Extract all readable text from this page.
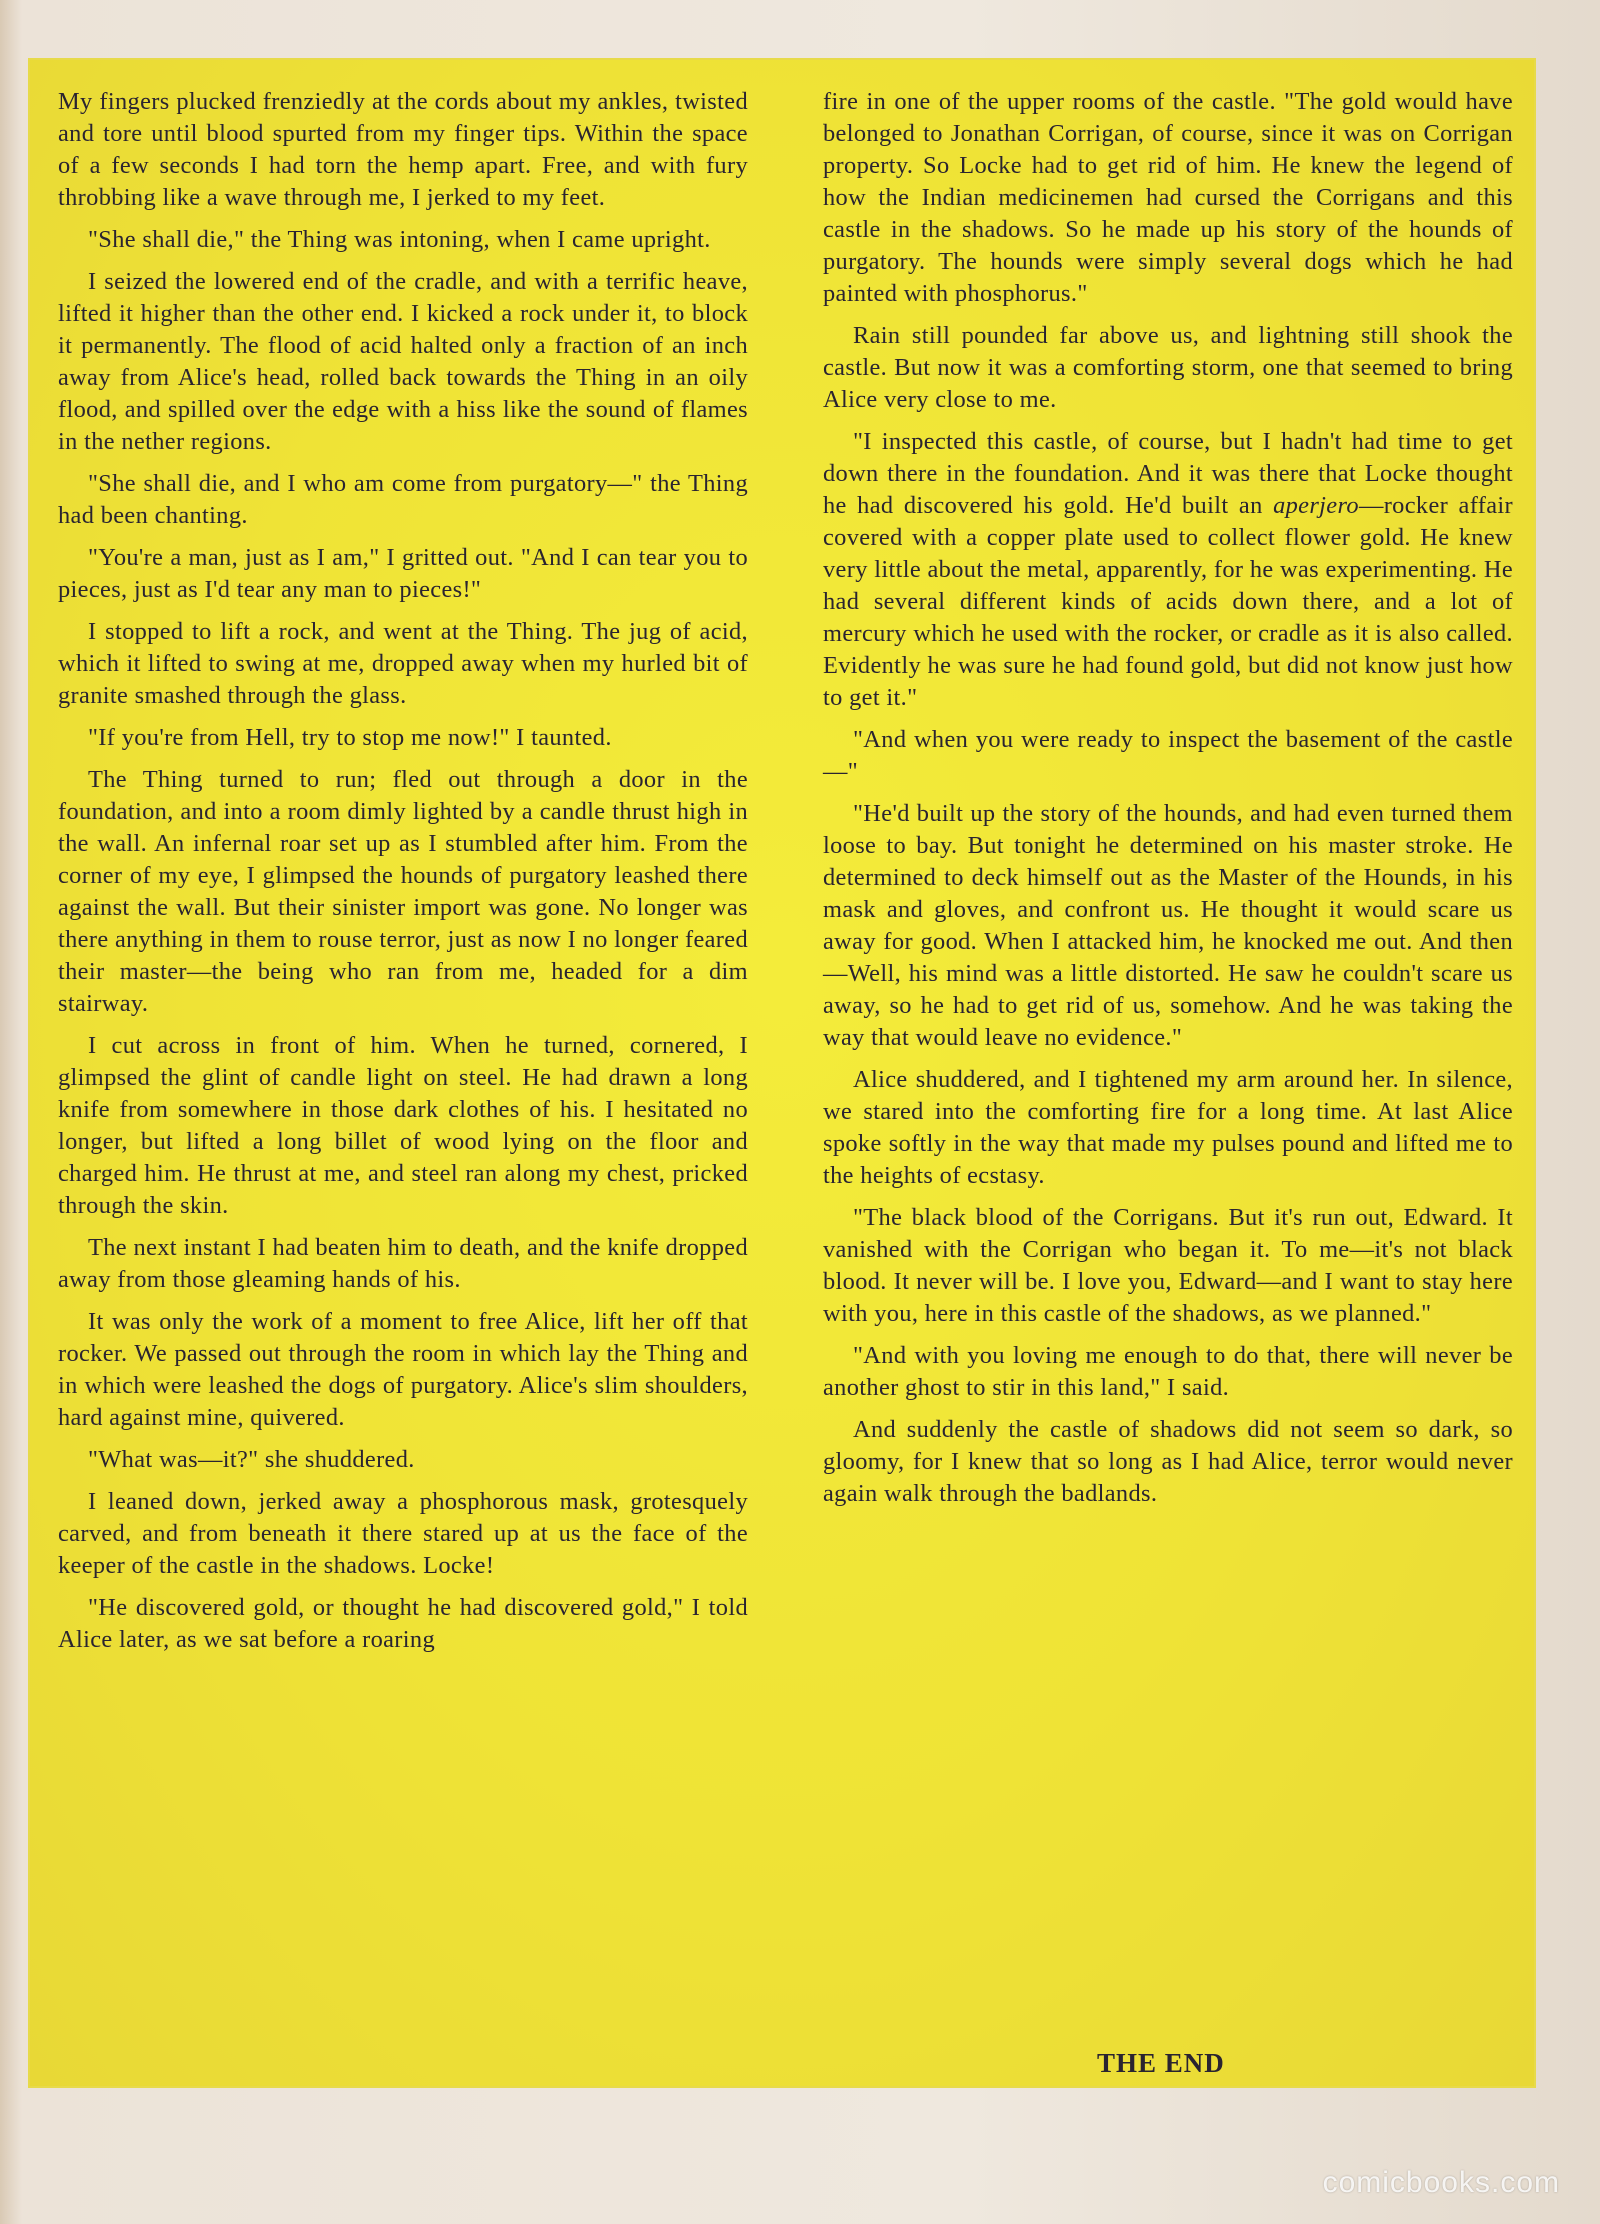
My fingers plucked frenziedly at the cords about my ankles, twisted and tore until blood spurted from my finger tips. Within the space of a few seconds I had torn the hemp apart. Free, and with fury throbbing like a wave through me, I jerked to my feet.

"She shall die," the Thing was intoning, when I came upright.

I seized the lowered end of the cradle, and with a terrific heave, lifted it higher than the other end. I kicked a rock under it, to block it permanently. The flood of acid halted only a fraction of an inch away from Alice's head, rolled back towards the Thing in an oily flood, and spilled over the edge with a hiss like the sound of flames in the nether regions.

"She shall die, and I who am come from purgatory—" the Thing had been chanting.

"You're a man, just as I am," I gritted out. "And I can tear you to pieces, just as I'd tear any man to pieces!"

I stopped to lift a rock, and went at the Thing. The jug of acid, which it lifted to swing at me, dropped away when my hurled bit of granite smashed through the glass.

"If you're from Hell, try to stop me now!" I taunted.

The Thing turned to run; fled out through a door in the foundation, and into a room dimly lighted by a candle thrust high in the wall. An infernal roar set up as I stumbled after him. From the corner of my eye, I glimpsed the hounds of purgatory leashed there against the wall. But their sinister import was gone. No longer was there anything in them to rouse terror, just as now I no longer feared their master—the being who ran from me, headed for a dim stairway.

I cut across in front of him. When he turned, cornered, I glimpsed the glint of candle light on steel. He had drawn a long knife from somewhere in those dark clothes of his. I hesitated no longer, but lifted a long billet of wood lying on the floor and charged him. He thrust at me, and steel ran along my chest, pricked through the skin.

The next instant I had beaten him to death, and the knife dropped away from those gleaming hands of his.

It was only the work of a moment to free Alice, lift her off that rocker. We passed out through the room in which lay the Thing and in which were leashed the dogs of purgatory. Alice's slim shoulders, hard against mine, quivered.

"What was—it?" she shuddered.

I leaned down, jerked away a phosphorous mask, grotesquely carved, and from beneath it there stared up at us the face of the keeper of the castle in the shadows. Locke!

"He discovered gold, or thought he had discovered gold," I told Alice later, as we sat before a roaring

fire in one of the upper rooms of the castle. "The gold would have belonged to Jonathan Corrigan, of course, since it was on Corrigan property. So Locke had to get rid of him. He knew the legend of how the Indian medicinemen had cursed the Corrigans and this castle in the shadows. So he made up his story of the hounds of purgatory. The hounds were simply several dogs which he had painted with phosphorus."

Rain still pounded far above us, and lightning still shook the castle. But now it was a comforting storm, one that seemed to bring Alice very close to me.

"I inspected this castle, of course, but I hadn't had time to get down there in the foundation. And it was there that Locke thought he had discovered his gold. He'd built an aperjero—rocker affair covered with a copper plate used to collect flower gold. He knew very little about the metal, apparently, for he was experimenting. He had several different kinds of acids down there, and a lot of mercury which he used with the rocker, or cradle as it is also called. Evidently he was sure he had found gold, but did not know just how to get it."

"And when you were ready to inspect the basement of the castle—"

"He'd built up the story of the hounds, and had even turned them loose to bay. But tonight he determined on his master stroke. He determined to deck himself out as the Master of the Hounds, in his mask and gloves, and confront us. He thought it would scare us away for good. When I attacked him, he knocked me out. And then—Well, his mind was a little distorted. He saw he couldn't scare us away, so he had to get rid of us, somehow. And he was taking the way that would leave no evidence."

Alice shuddered, and I tightened my arm around her. In silence, we stared into the comforting fire for a long time. At last Alice spoke softly in the way that made my pulses pound and lifted me to the heights of ecstasy.

"The black blood of the Corrigans. But it's run out, Edward. It vanished with the Corrigan who began it. To me—it's not black blood. It never will be. I love you, Edward—and I want to stay here with you, here in this castle of the shadows, as we planned."

"And with you loving me enough to do that, there will never be another ghost to stir in this land," I said.

And suddenly the castle of shadows did not seem so dark, so gloomy, for I knew that so long as I had Alice, terror would never again walk through the badlands.

THE END
comicbooks.com
